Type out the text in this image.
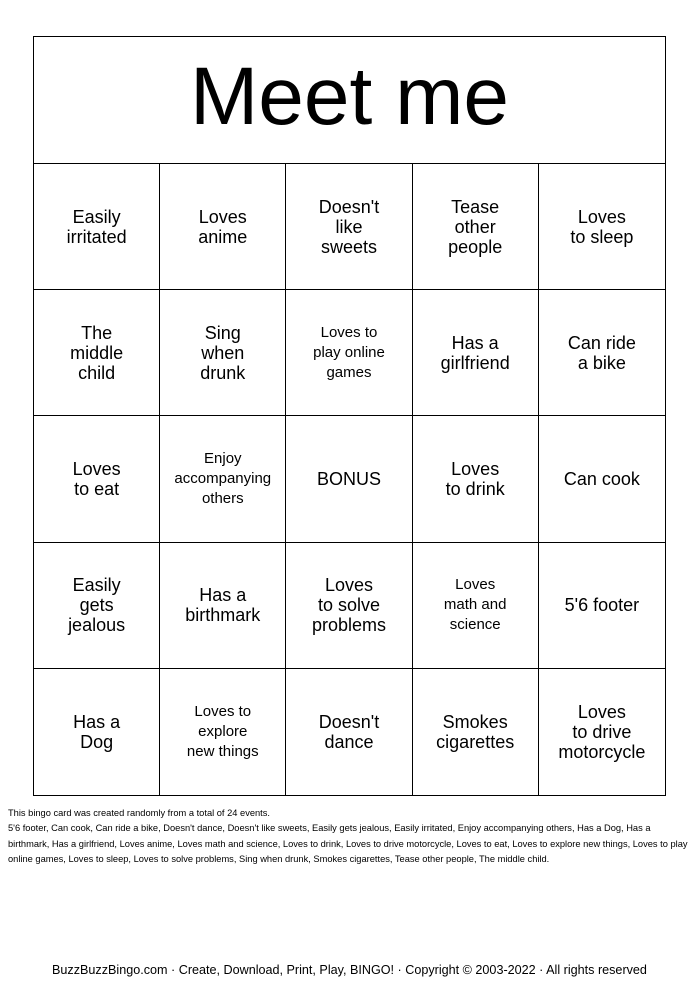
Meet me
Easily
irritated
Loves
anime
Doesn't
like
sweets
Tease
other
people
Loves
to sleep
The
middle
child
Sing
when
drunk
Loves to
play online
games
Has a
girlfriend
Can ride
a bike
Loves
to eat
Enjoy
accompanying
others
BONUS	Loves
to drink	Can cook
Easily
gets
jealous
Has a
birthmark
Loves
to solve
problems
Loves
math and
science
5'6 footer
Has a
Dog
Loves to
explore
new things
Doesn't
dance
Smokes
cigarettes
Loves
to drive
motorcycle
This bingo card was created randomly from a total of 24 events.
5'6 footer, Can cook, Can ride a bike, Doesn't dance, Doesn't like sweets, Easily gets jealous, Easily irritated, Enjoy accompanying others, Has a Dog, Has a birthmark, Has a girlfriend, Loves anime, Loves math and science, Loves to drink, Loves to drive motorcycle, Loves to eat, Loves to explore new things, Loves to play online games, Loves to sleep, Loves to solve problems, Sing when drunk, Smokes cigarettes, Tease other people, The middle child.
BuzzBuzzBingo.com · Create, Download, Print, Play, BINGO! · Copyright © 2003-2022 · All rights reserved
